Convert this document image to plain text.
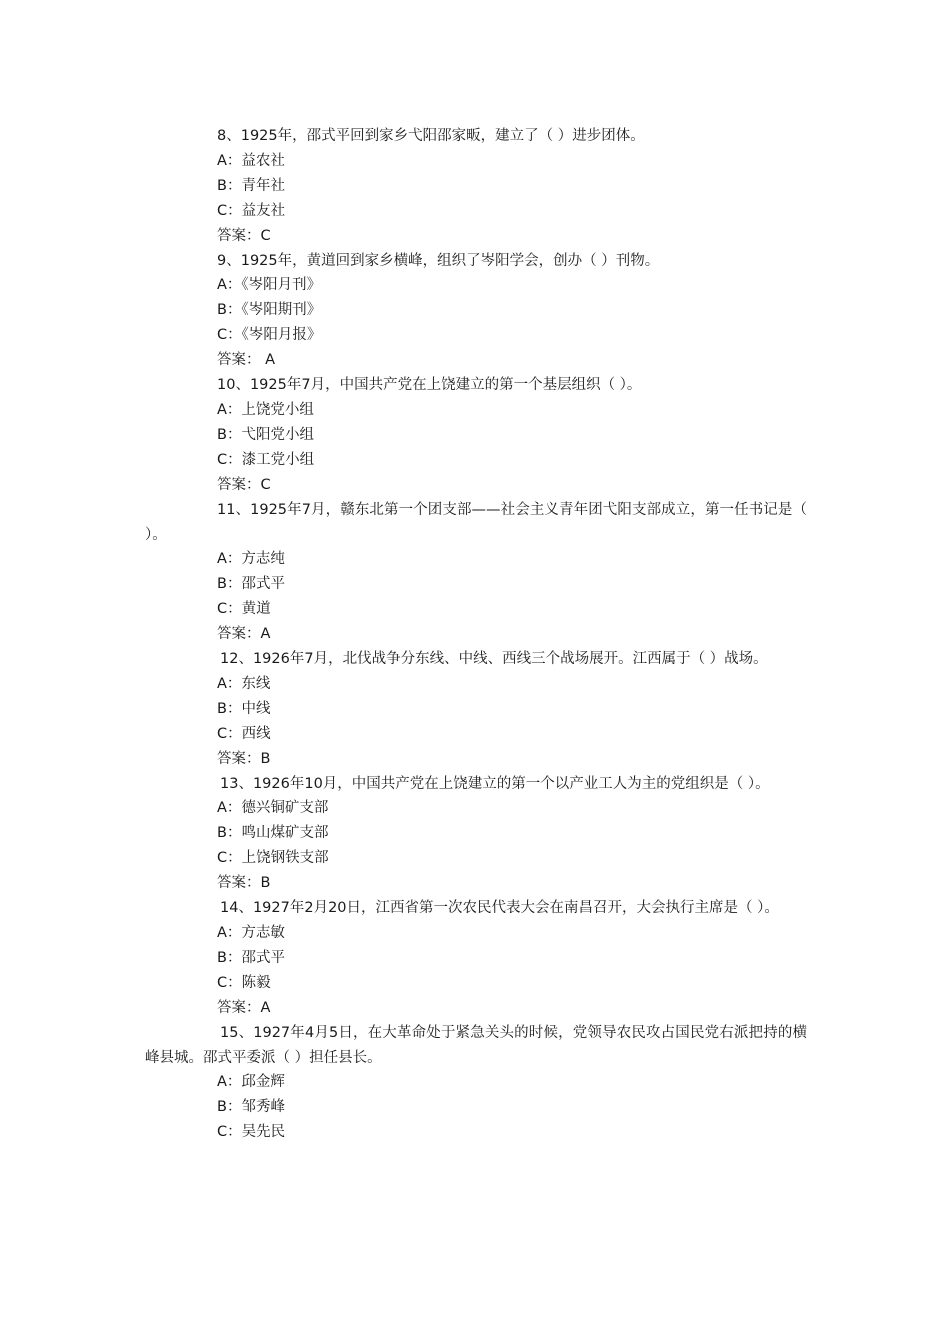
8、1925年，邵式平回到家乡弋阳邵家畈，建立了（ ）进步团体。

A：益农社

B：青年社

C：益友社

答案：C

9、1925年，黄道回到家乡横峰，组织了岑阳学会，创办（ ）刊物。

A：《岑阳月刊》

B：《岑阳期刊》

C：《岑阳月报》

答案： A

10、1925年7月，中国共产党在上饶建立的第一个基层组织（ ）。

A：上饶党小组

B：弋阳党小组

C：漆工党小组

答案：C

11、1925年7月，赣东北第一个团支部——社会主义青年团弋阳支部成立，第一任书记是（ ）。

A：方志纯

B：邵式平

C：黄道

答案：A

12、1926年7月，北伐战争分东线、中线、西线三个战场展开。江西属于（ ）战场。

A：东线

B：中线

C：西线

答案：B

13、1926年10月，中国共产党在上饶建立的第一个以产业工人为主的党组织是（ ）。

A：德兴铜矿支部

B：鸣山煤矿支部

C：上饶钢铁支部

答案：B

14、1927年2月20日，江西省第一次农民代表大会在南昌召开，大会执行主席是（ ）。

A：方志敏

B：邵式平

C：陈毅

答案：A

15、1927年4月5日，在大革命处于紧急关头的时候，党领导农民攻占国民党右派把持的横峰县城。邵式平委派（ ）担任县长。

A：邱金辉

B：邹秀峰

C：吴先民
